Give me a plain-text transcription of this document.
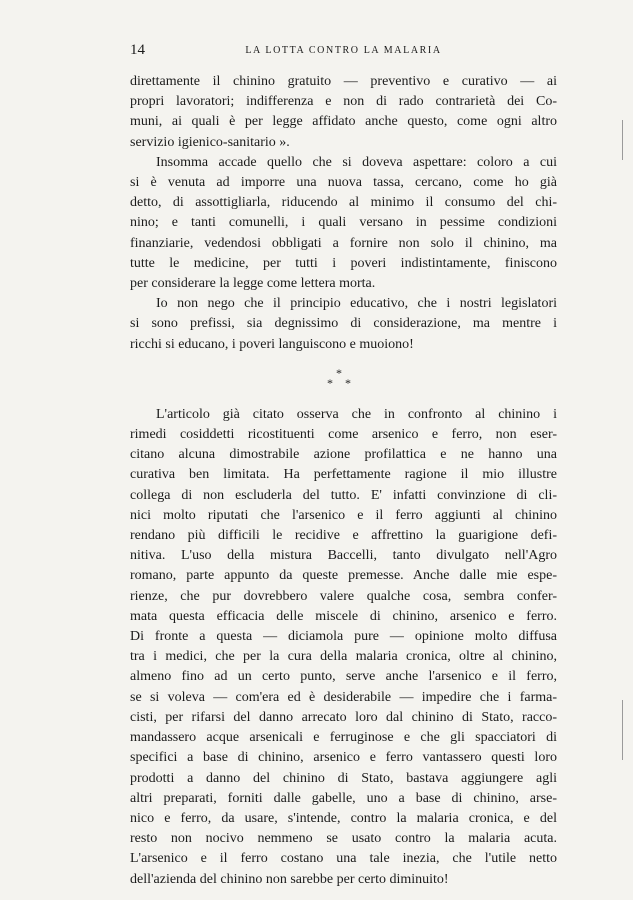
14	LA LOTTA CONTRO LA MALARIA

direttamente il chinino gratuito — preventivo e curativo — ai

propri lavoratori; indifferenza e non di rado contrarietà dei Co-

muni, ai quali è per legge affidato anche questo, come ogni altro

servizio igienico-sanitario ».

Insomma accade quello che si doveva aspettare: coloro a cui

si è venuta ad imporre una nuova tassa, cercano, come ho già

detto, di assottigliarla, riducendo al minimo il consumo del chi-

nino; e tanti comunelli, i quali versano in pessime condizioni

finanziarie, vedendosi obbligati a fornire non solo il chinino, ma

tutte le medicine, per tutti i poveri indistintamente, finiscono

per considerare la legge come lettera morta.

Io non nego che il principio educativo, che i nostri legislatori

si sono prefissi, sia degnissimo di considerazione, ma mentre i

ricchi si educano, i poveri languiscono e muoiono!

*
* *

L'articolo già citato osserva che in confronto al chinino i

rimedi cosiddetti ricostituenti come arsenico e ferro, non eser-

citano alcuna dimostrabile azione profilattica e ne hanno una

curativa ben limitata. Ha perfettamente ragione il mio illustre

collega di non escluderla del tutto. E' infatti convinzione di cli-

nici molto riputati che l'arsenico e il ferro aggiunti al chinino

rendano più difficili le recidive e affrettino la guarigione defi-

nitiva. L'uso della mistura Baccelli, tanto divulgato nell'Agro

romano, parte appunto da queste premesse. Anche dalle mie espe-

rienze, che pur dovrebbero valere qualche cosa, sembra confer-

mata questa efficacia delle miscele di chinino, arsenico e ferro.

Di fronte a questa — diciamola pure — opinione molto diffusa

tra i medici, che per la cura della malaria cronica, oltre al chinino,

almeno fino ad un certo punto, serve anche l'arsenico e il ferro,

se si voleva — com'era ed è desiderabile — impedire che i farma-

cisti, per rifarsi del danno arrecato loro dal chinino di Stato, racco-

mandassero acque arsenicali e ferruginose e che gli spacciatori di

specifici a base di chinino, arsenico e ferro vantassero questi loro

prodotti a danno del chinino di Stato, bastava aggiungere agli

altri preparati, forniti dalle gabelle, uno a base di chinino, arse-

nico e ferro, da usare, s'intende, contro la malaria cronica, e del

resto non nocivo nemmeno se usato contro la malaria acuta.

L'arsenico e il ferro costano una tale inezia, che l'utile netto

dell'azienda del chinino non sarebbe per certo diminuito!
